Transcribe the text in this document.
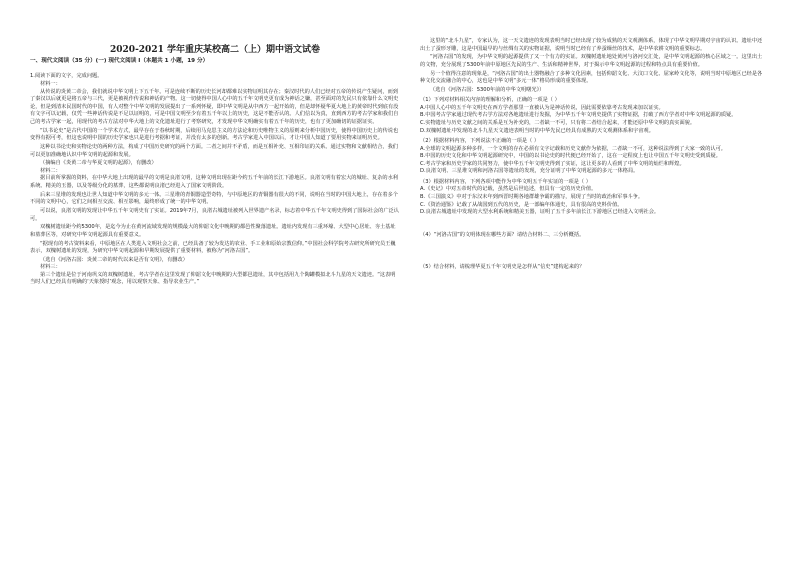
2020-2021 学年重庆某校高二（上）期中语文试卷
一、现代文阅读（35 分）(一) 现代文阅读 I（本题共 1 小题，19 分）

1.阅读下面的文字，完成问题。

材料一：

从传说的炎黄二帝会，我们就说中华文明上下五千年。可是连续不断的历史长河却都难以实物证明其存在；秦汉时代的人们已经对五帝的传说产生疑问，而到了秦汉以后就更是将五帝与三代，更是被视作传说和神话的产物。这一切使得中国人心中的五千年文明史更有成为神话之嫌，甚至面对的先民只有依靠什么文明史论，但是到清末民国时代的中国，有人对整个中华文明的发展提出了一系列怀疑，即中华文明是从中西方一起开始的，但是却怀疑华夏大地上的黄帝时代到底有没有文字可以记载，仅凭一些神话传说是不足以证明的，可是中国文明至少有着五千年以上的历史，这是不能否认的。人们信以为真，直到西方的考古学家和我们自己的考古学家一起，用现代的考古方法对中华大地上的文化遗址进行了考察研究，才发现中华文明确实有着五千年的历史，也有了更加确切的证据证实。

“以书论史”是古代中国的一个学术方式，最早存在于春秋时期，后续用马克思主义的方法论和历史唯物主义的原则来分析中国历史，使得中国历史上的传说也变得有据可考，但这也说明中国的历史学家也只是进行考据和考证，并没有太多的创新。考古学家进入中国以后，才让中国人知道了要用实物来证明历史。

这种以书论史和实物论史的两种方法，构成了中国历史研究的两个方面。二者之间并不矛盾，而是互相补充、互相印证的关系。通过实物和文献相结合，我们可以更加准确地认识中华文明的起源和发展。

（摘编自《炎黄二帝与华夏文明的起源》，有删改）
材料二：

据目前所掌握的资料，在中华大地上出现的最早的文明是良渚文明，这种文明出现在距今约五千年前的长江下游地区。良渚文明有着宏大的城址、复杂的水利系统、精美的玉器，以及等级分化的墓葬，这些都说明良渚已经进入了国家文明阶段。

后来三星堆的发现也让世人知道中华文明的多元一体。三星堆的青铜器造型奇特，与中原地区的青铜器有很大的不同，说明在当时的中国大地上，存在着多个不同的文明中心，它们之间相互交流、相互影响，最终形成了统一的中华文明。

可以说，良渚文明的发现让中华五千年文明史有了实证。2019年7月，良渚古城遗址被列入世界遗产名录，标志着中华五千年文明史得到了国际社会的广泛认可。

双槐树遗址距今约5300年，是迄今为止在黄河流域发现的规模最大的仰韶文化中晚期的都邑性聚落遗址。遗址内发现有三重环壕、大型中心居址、夯土基址和墓葬区等，对研究中华文明起源具有重要意义。

“据现有的考古资料来看，中原地区在人类进入文明社会之前，已经具备了较为发达的农业、手工业和原始宗教信仰。”中国社会科学院考古研究所研究员王巍表示，双槐树遗址的发现，为研究中华文明起源和早期发展提供了重要材料，被称为“河洛古国”。

（选自《河洛古国：炎黄二帝的时代以来是否有文明》，有删改）
材料三：

第三个遗址是位于河南巩义的双槐树遗址，考古学者在这里发现了仰韶文化中晚期的大型都邑遗址，其中包括用九个陶罐模拟北斗九星的天文遗迹。“这表明当时人们已经具有明确的‘天象授时’观念，用以观察天象、指导农业生产。”

这里的“北斗九星”，专家认为，这一天文遗迹的发现表明当时已经出现了较为成熟的天文观测体系，体现了中华文明早期对宇宙的认识。遗址中还出土了蚕形牙雕，这是中国最早的与丝绸有关的实物证据，说明当时已经有了养蚕缫丝的技术，是中华农耕文明的重要标志。

“河洛古国”的发现，为中华文明的起源提供了又一个有力的实证。双槐树遗址地处黄河与洛河交汇处，是中华文明起源的核心区域之一。这里出土的文物，充分展现了5300年前中原地区先民的生产、生活和精神世界，对于揭示中华文明起源的过程和特点具有重要价值。

另一个值得注意的现象是，“河洛古国”的出土器物融合了多种文化因素，包括仰韶文化、大汶口文化、屈家岭文化等，说明当时中原地区已经是各种文化交流融合的中心，这也是中华文明“多元一体”格局形成的重要体现。

（选自《河洛古国：5300年前的中华文明曙光》）
（1）下列对材料相关内容的理解和分析，正确的一项是（ ）
A.中国人心中的五千年文明史在西方学者那里一直被认为是神话传说，因此需要依靠考古发现来加以证实。
B.中国考古学家通过现代考古学方法对各地遗址进行发掘，为中华五千年文明史提供了实物证据，打破了西方学者对中华文明起源的质疑。
C.实物遗址与历史文献之间的关系是互为补充的，二者缺一不可，只有将二者结合起来，才能还原中华文明的真实面貌。
D.双槐树遗址中发现的北斗九星天文遗迹表明当时的中华先民已经具有成熟的天文观测体系和宇宙观。
（2）根据材料内容，下列说法不正确的一项是（ ）
A.全球的文明起源多种多样，一个文明的存在必须有文字记载和历史文献作为依据，二者缺一不可，这种说法得到了大家一致的认可。
B.中国的历史文化和中华文明起源研究中，中国的以书论史的时代便已经开始了，这在一定程度上也让中国五千年文明史受到质疑。
C.考古学家和历史学家的共同努力，使中华五千年文明史得到了实证，这让更多的人看到了中华文明的灿烂和辉煌。
D.良渚文明、三星堆文明和河洛古国等遗址的发现，充分证明了中华文明起源的多元一体格局。
（3）根据材料内容，下列各项中能作为中华文明五千年实证的一项是（ ）
A.《史记》中对五帝时代的记载，虽然是后世追述，但具有一定的历史价值。
B.《三国演义》中对于东汉末年到西晋时期各地群雄争霸的描写，展现了当时的政治和军事斗争。
C.《资治通鉴》记载了从战国到五代的历史，是一部编年体通史，具有很高的史料价值。
D.良渚古城遗址中发现的大型水利系统和精美玉器，证明了五千多年前长江下游地区已经进入文明社会。
（4）“河洛古国”的文明体现在哪些方面？请结合材料二、三分析概括。
（5）结合材料，请梳理华夏五千年文明史是怎样从“信史”建构起来的？
